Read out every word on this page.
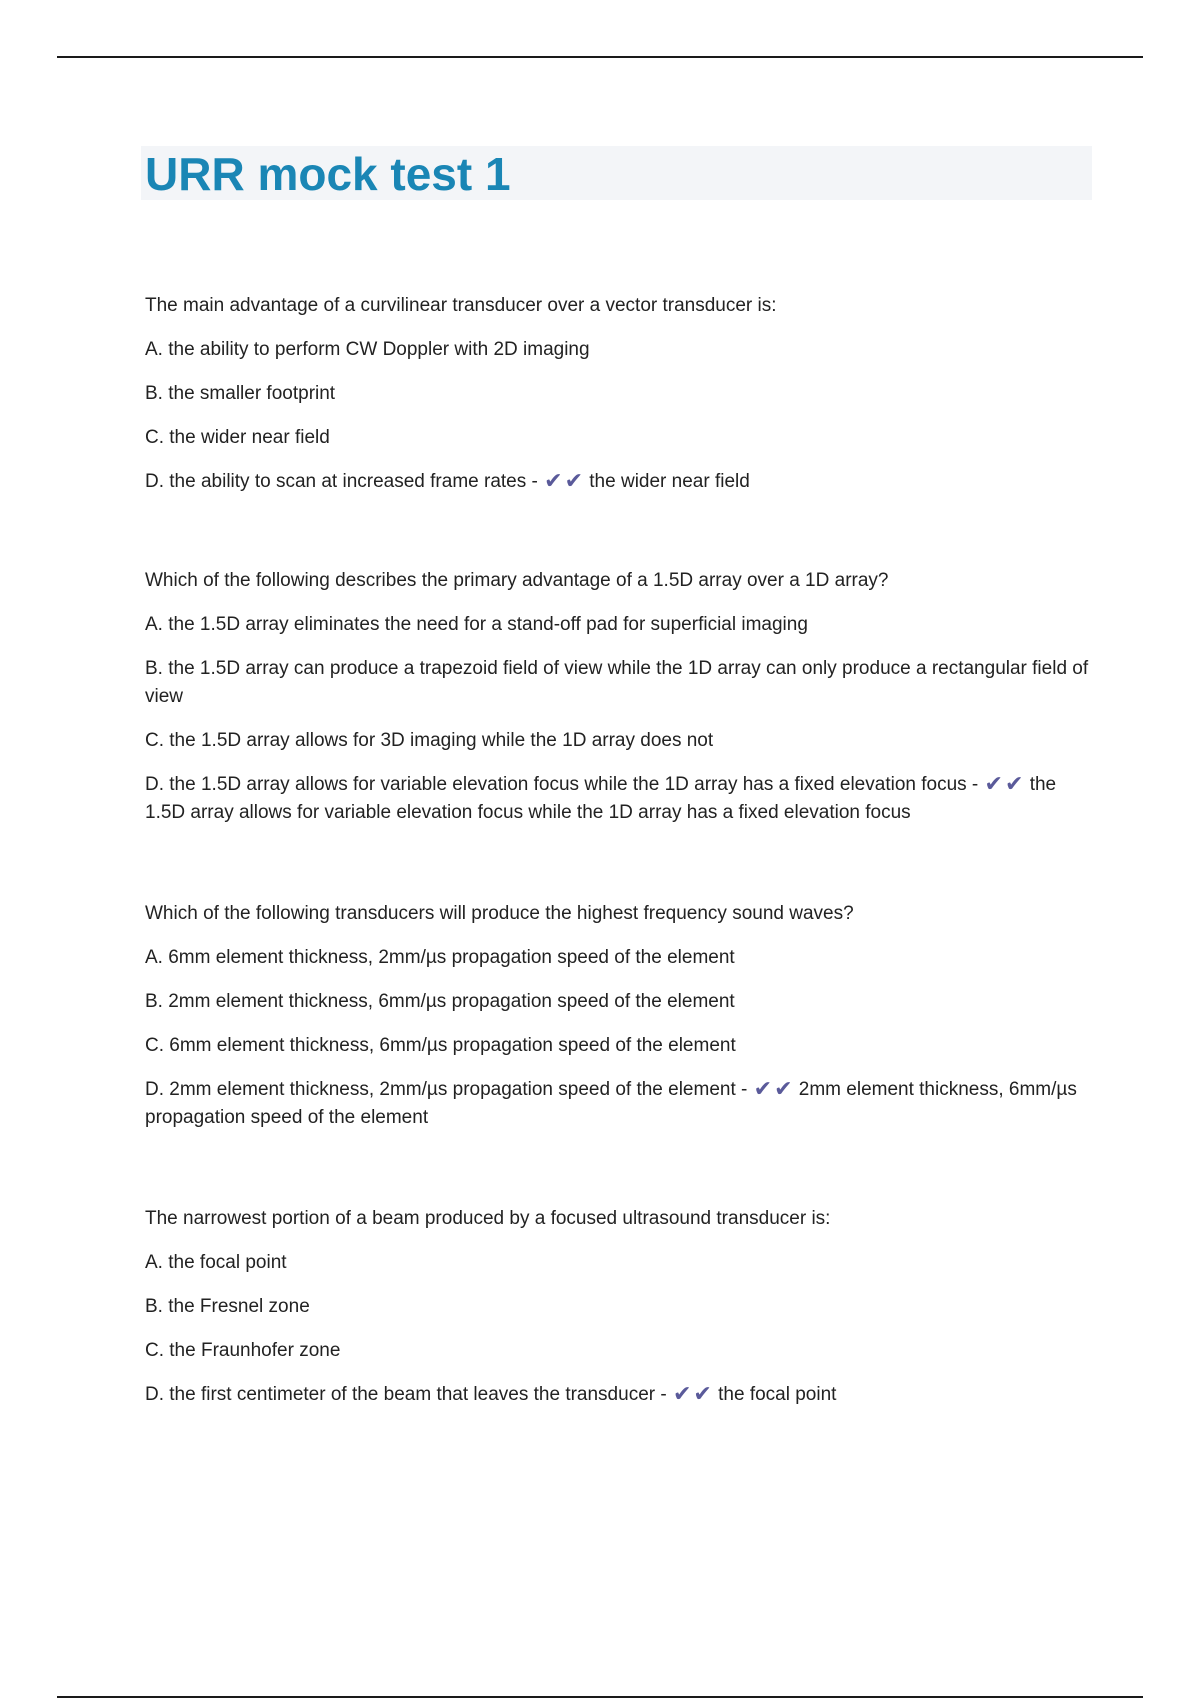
URR mock test 1

The main advantage of a curvilinear transducer over a vector transducer is:

A. the ability to perform CW Doppler with 2D imaging

B. the smaller footprint

C. the wider near field

D. the ability to scan at increased frame rates - ✔✔ the wider near field

Which of the following describes the primary advantage of a 1.5D array over a 1D array?

A. the 1.5D array eliminates the need for a stand-off pad for superficial imaging

B. the 1.5D array can produce a trapezoid field of view while the 1D array can only produce a rectangular field of view

C. the 1.5D array allows for 3D imaging while the 1D array does not

D. the 1.5D array allows for variable elevation focus while the 1D array has a fixed elevation focus - ✔✔ the 1.5D array allows for variable elevation focus while the 1D array has a fixed elevation focus

Which of the following transducers will produce the highest frequency sound waves?

A. 6mm element thickness, 2mm/µs propagation speed of the element

B. 2mm element thickness, 6mm/µs propagation speed of the element

C. 6mm element thickness, 6mm/µs propagation speed of the element

D. 2mm element thickness, 2mm/µs propagation speed of the element - ✔✔ 2mm element thickness, 6mm/µs propagation speed of the element

The narrowest portion of a beam produced by a focused ultrasound transducer is:

A. the focal point

B. the Fresnel zone

C. the Fraunhofer zone

D. the first centimeter of the beam that leaves the transducer - ✔✔ the focal point
